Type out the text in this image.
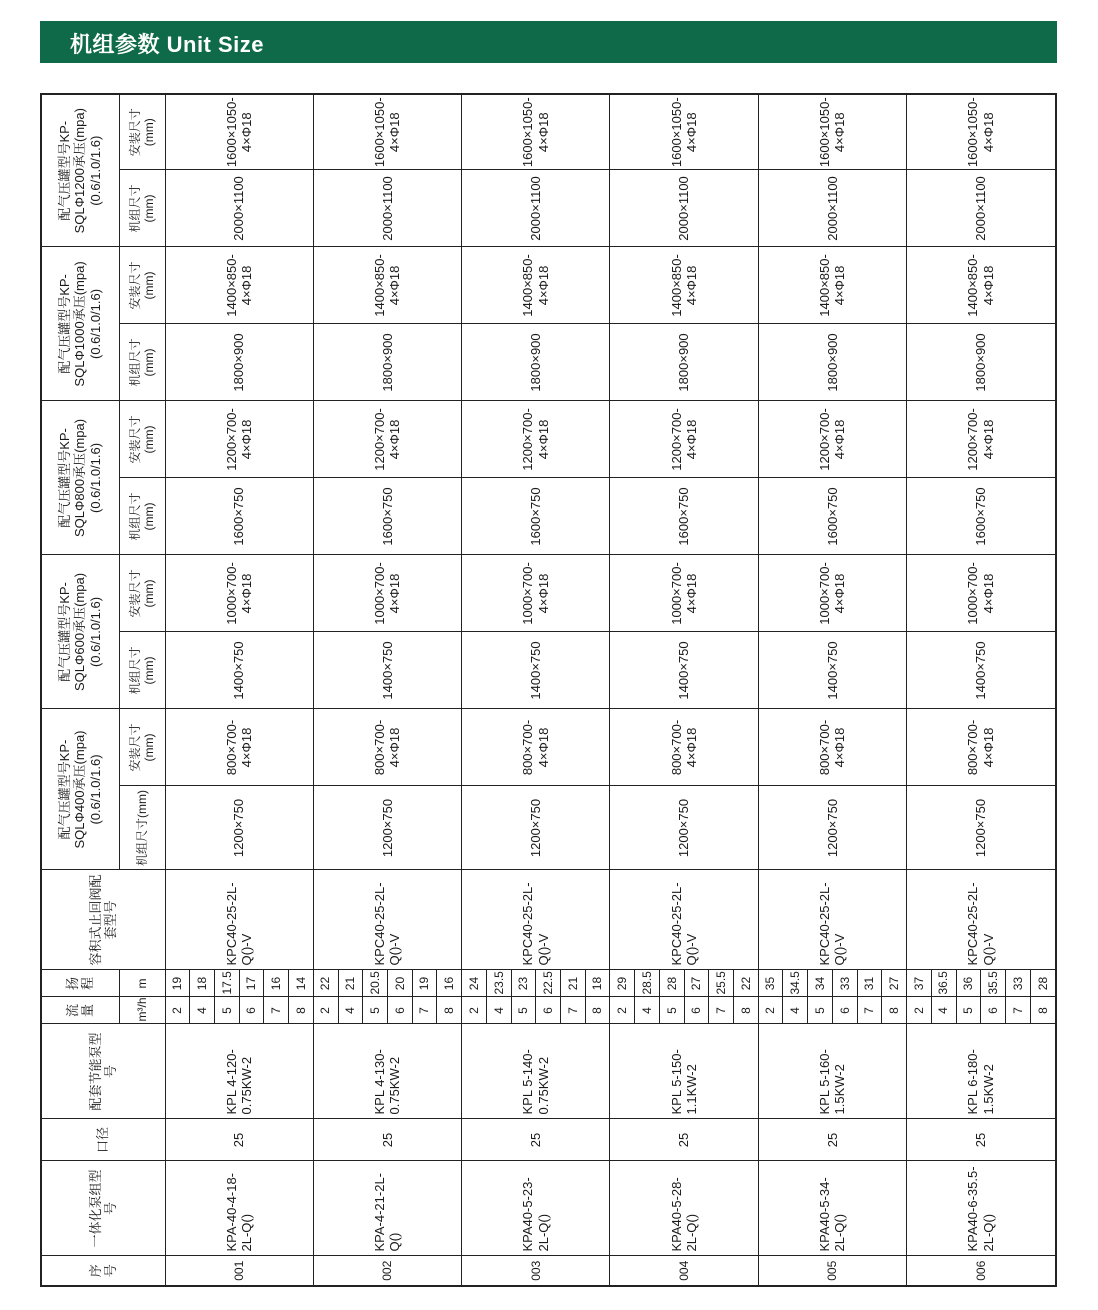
机组参数 Unit Size
序号	一体化泵组型号	口径	配套节能泵型号	流量	扬程	容积式止回阀配套型号	配气压罐型号KP-SQLΦ400承压(mpa)(0.6/1.0/1.6)		配气压罐型号KP-SQLΦ600承压(mpa)(0.6/1.0/1.6)		配气压罐型号KP-SQLΦ800承压(mpa)(0.6/1.0/1.6)		配气压罐型号KP-SQLΦ1000承压(mpa)(0.6/1.0/1.6)		配气压罐型号KP-SQLΦ1200承压(mpa)(0.6/1.0/1.6)	
				m³/h	m		机组尺寸(mm)	安装尺寸(mm)	机组尺寸(mm)	安装尺寸(mm)	机组尺寸(mm)	安装尺寸(mm)	机组尺寸(mm)	安装尺寸(mm)	机组尺寸(mm)	安装尺寸(mm)
001	KPA-40-4-18-2L-Q()	25	KPL 4-120-0.75KW-2	2	19	KPC40-25-2L-Q()-V	1200×750	800×700-4×Φ18	1400×750	1000×700-4×Φ18	1600×750	1200×700-4×Φ18	1800×900	1400×850-4×Φ18	2000×1100	1600×1050-4×Φ18
				4	18											
				5	17.5											
				6	17											
				7	16											
				8	14											
002	KPA-4-21-2L-Q()	25	KPL 4-130-0.75KW-2	2	22	KPC40-25-2L-Q()-V	1200×750	800×700-4×Φ18	1400×750	1000×700-4×Φ18	1600×750	1200×700-4×Φ18	1800×900	1400×850-4×Φ18	2000×1100	1600×1050-4×Φ18
				4	21											
				5	20.5											
				6	20											
				7	19											
				8	16											
003	KPA40-5-23-2L-Q()	25	KPL 5-140-0.75KW-2	2	24	KPC40-25-2L-Q()-V	1200×750	800×700-4×Φ18	1400×750	1000×700-4×Φ18	1600×750	1200×700-4×Φ18	1800×900	1400×850-4×Φ18	2000×1100	1600×1050-4×Φ18
				4	23.5											
				5	23											
				6	22.5											
				7	21											
				8	18											
004	KPA40-5-28-2L-Q()	25	KPL 5-150-1.1KW-2	2	29	KPC40-25-2L-Q()-V	1200×750	800×700-4×Φ18	1400×750	1000×700-4×Φ18	1600×750	1200×700-4×Φ18	1800×900	1400×850-4×Φ18	2000×1100	1600×1050-4×Φ18
				4	28.5											
				5	28											
				6	27											
				7	25.5											
				8	22											
005	KPA40-5-34-2L-Q()	25	KPL 5-160-1.5KW-2	2	35	KPC40-25-2L-Q()-V	1200×750	800×700-4×Φ18	1400×750	1000×700-4×Φ18	1600×750	1200×700-4×Φ18	1800×900	1400×850-4×Φ18	2000×1100	1600×1050-4×Φ18
				4	34.5											
				5	34											
				6	33											
				7	31											
				8	27											
006	KPA40-6-35.5-2L-Q()	25	KPL 6-180-1.5KW-2	2	37	KPC40-25-2L-Q()-V	1200×750	800×700-4×Φ18	1400×750	1000×700-4×Φ18	1600×750	1200×700-4×Φ18	1800×900	1400×850-4×Φ18	2000×1100	1600×1050-4×Φ18
				4	36.5											
				5	36											
				6	35.5											
				7	33											
				8	28											
